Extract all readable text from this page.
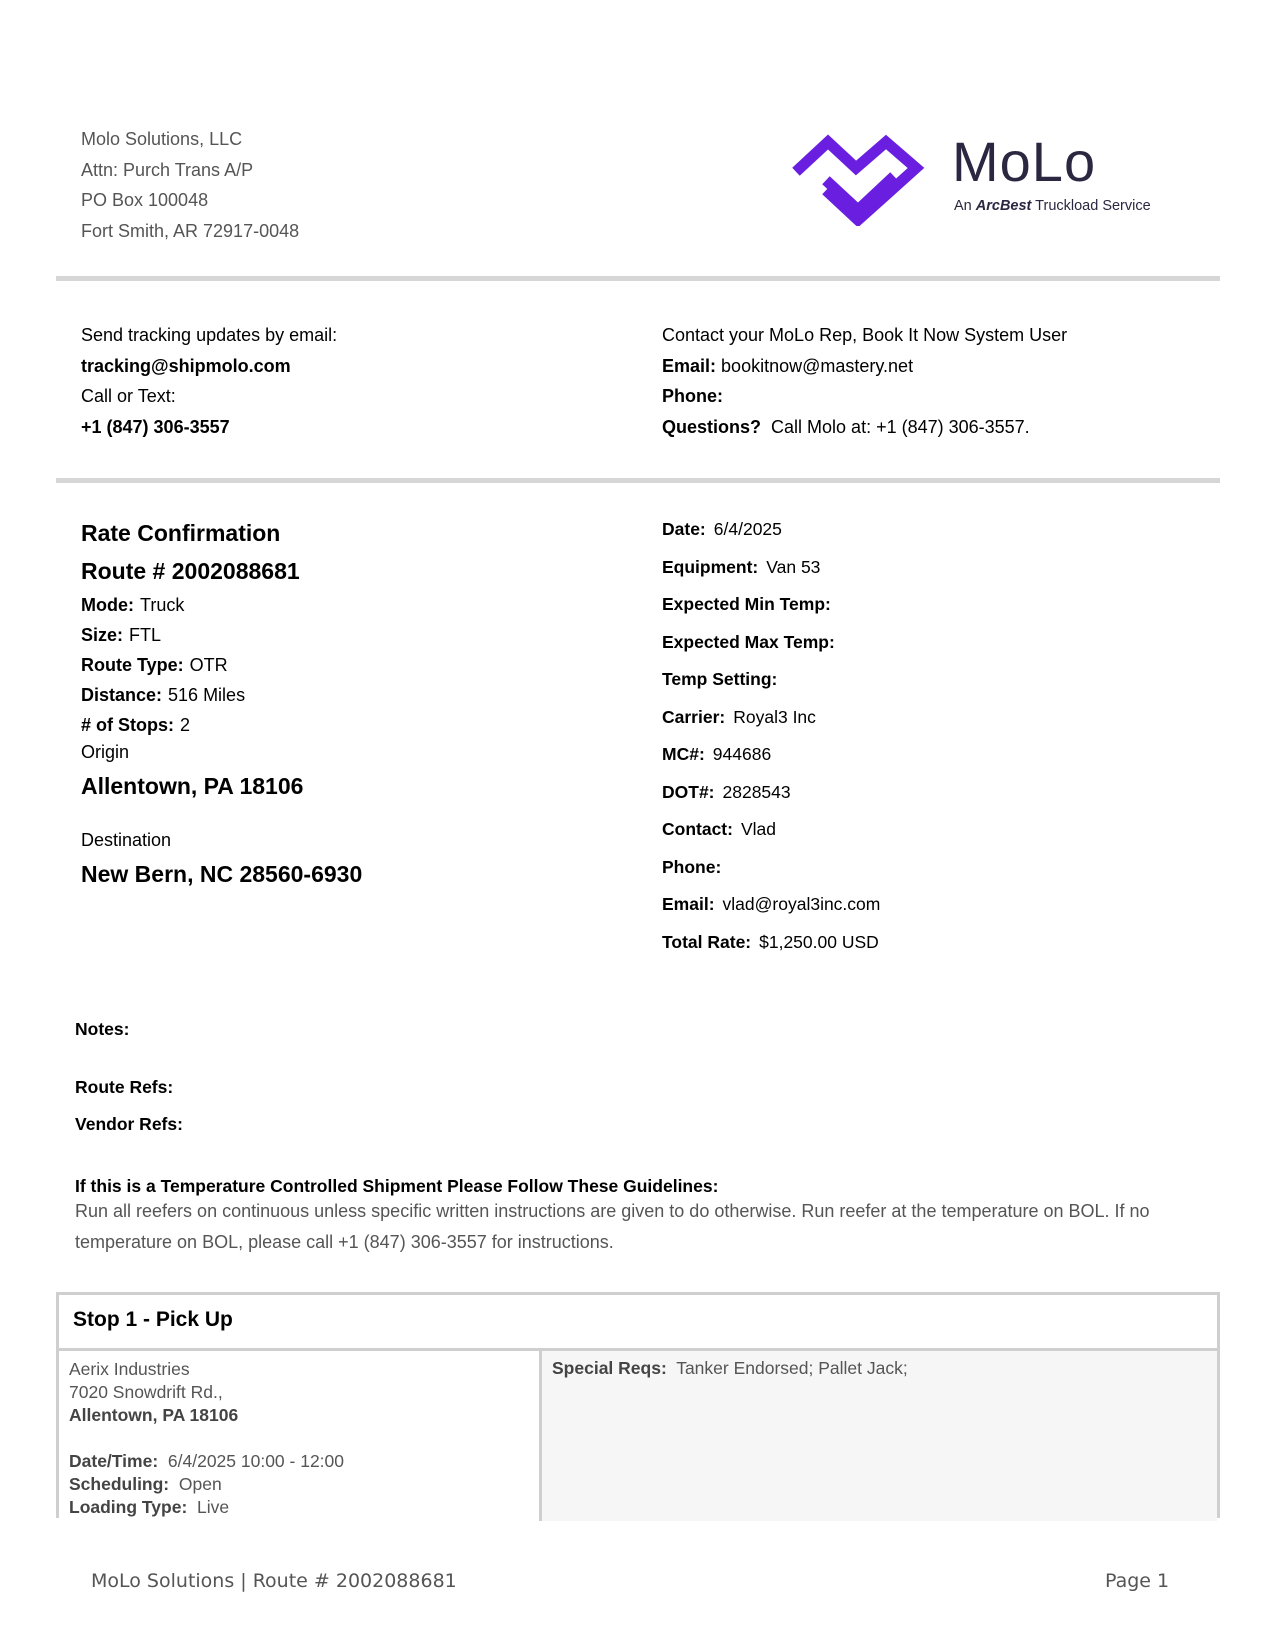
Molo Solutions, LLC
Attn: Purch Trans A/P
PO Box 100048
Fort Smith, AR 72917-0048
MoLo
An ArcBest Truckload Service
Send tracking updates by email:
tracking@shipmolo.com
Call or Text:
+1 (847) 306-3557
Contact your MoLo Rep, Book It Now System User
Email: bookitnow@mastery.net
Phone:
Questions? Call Molo at: +1 (847) 306-3557.
Rate Confirmation
Route # 2002088681
Mode: Truck
Size: FTL
Route Type: OTR
Distance: 516 Miles
# of Stops: 2
Origin
Allentown, PA 18106
Destination
New Bern, NC 28560-6930
Date: 6/4/2025
Equipment: Van 53
Expected Min Temp:
Expected Max Temp:
Temp Setting:
Carrier: Royal3 Inc
MC#: 944686
DOT#: 2828543
Contact: Vlad
Phone:
Email: vlad@royal3inc.com
Total Rate: $1,250.00 USD
Notes:
Route Refs:
Vendor Refs:
If this is a Temperature Controlled Shipment Please Follow These Guidelines:
Run all reefers on continuous unless specific written instructions are given to do otherwise. Run reefer at the temperature on BOL. If no temperature on BOL, please call +1 (847) 306-3557 for instructions.
Stop 1 - Pick Up
Aerix Industries
7020 Snowdrift Rd.,
Allentown, PA 18106
Date/Time: 6/4/2025 10:00 - 12:00
Scheduling: Open
Loading Type: Live
Special Reqs: Tanker Endorsed; Pallet Jack;
MoLo Solutions | Route # 2002088681	Page 1
